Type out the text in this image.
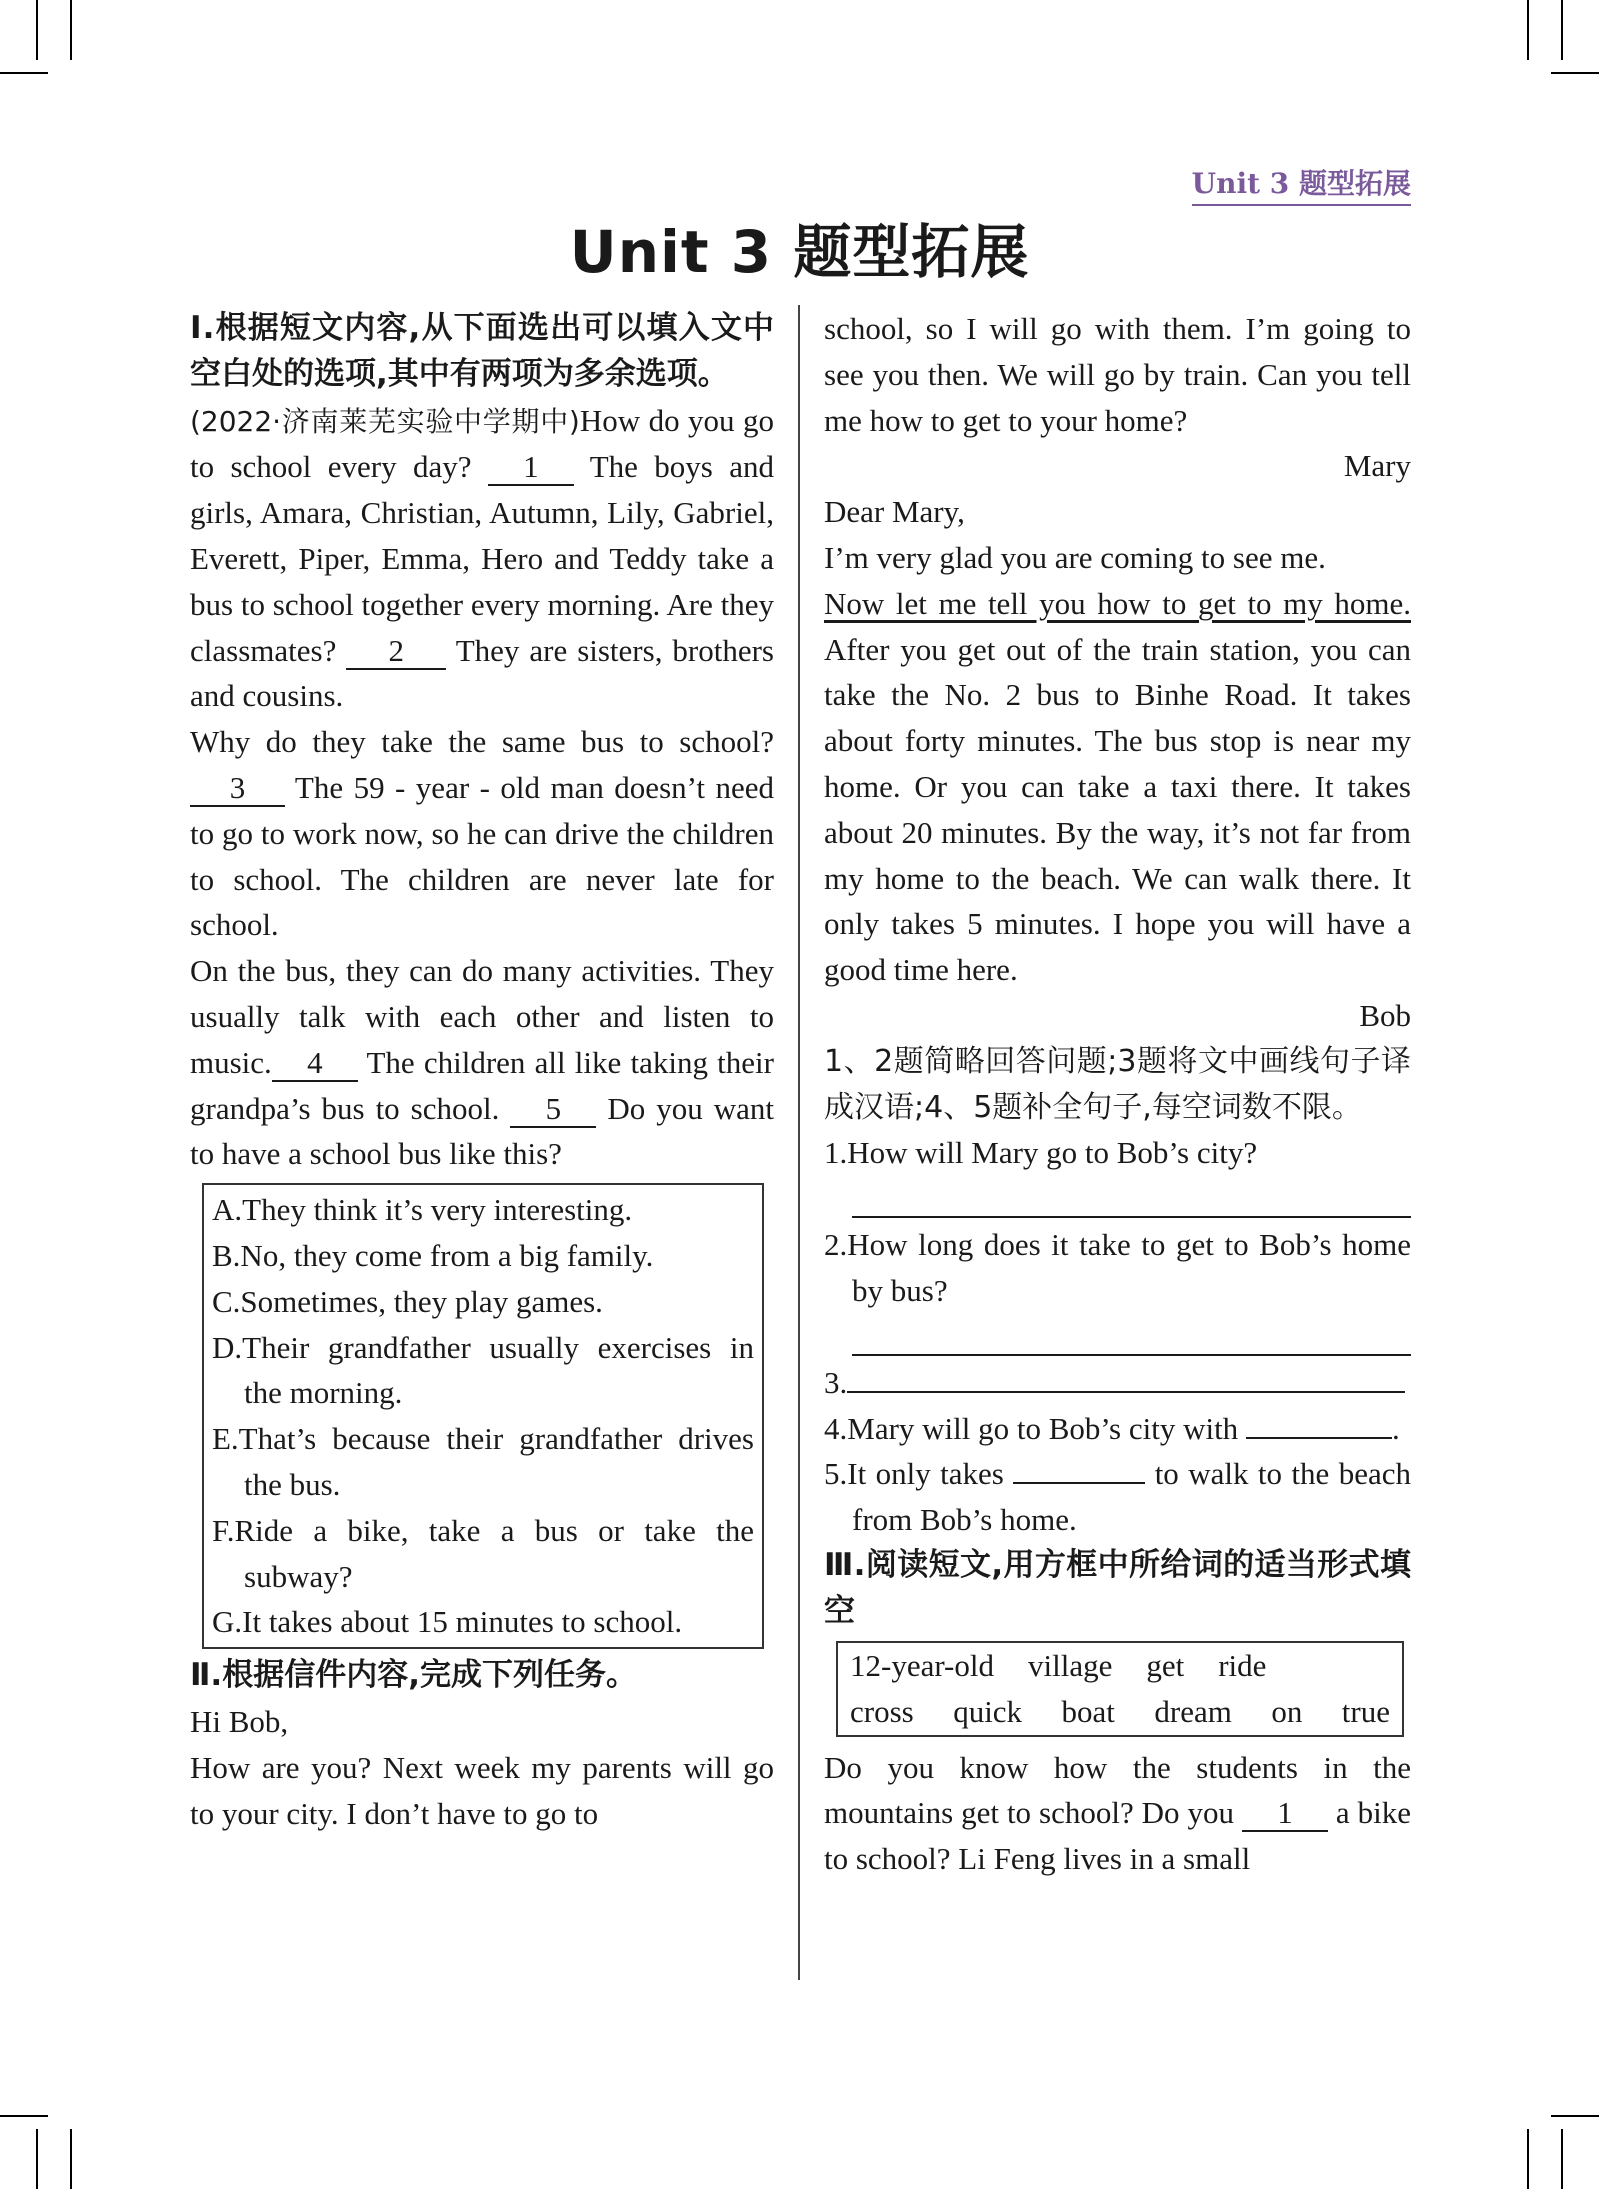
Unit 3 题型拓展
Unit 3 题型拓展
Ⅰ.根据短文内容,从下面选出可以填入文中空白处的选项,其中有两项为多余选项。
(2022·济南莱芜实验中学期中)How do you go to school every day? 1 The boys and girls, Amara, Christian, Autumn, Lily, Gabriel, Everett, Piper, Emma, Hero and Teddy take a bus to school together every morning. Are they classmates? 2 They are sisters, brothers and cousins.
Why do they take the same bus to school? 3 The 59 - year - old man doesn’t need to go to work now, so he can drive the children to school. The children are never late for school.
On the bus, they can do many activities. They usually talk with each other and listen to music. 4 The children all like taking their grandpa’s bus to school. 5 Do you want to have a school bus like this?
A.They think it’s very interesting.
B.No, they come from a big family.
C.Sometimes, they play games.
D.Their grandfather usually exercises in the morning.
E.That’s because their grandfather drives the bus.
F.Ride a bike, take a bus or take the subway?
G.It takes about 15 minutes to school.
Ⅱ.根据信件内容,完成下列任务。
Hi Bob,
How are you? Next week my parents will go to your city. I don’t have to go to
school, so I will go with them. I’m going to see you then. We will go by train. Can you tell me how to get to your home?
Mary
Dear Mary,
I’m very glad you are coming to see me.
Now let me tell you how to get to my home. After you get out of the train station, you can take the No. 2 bus to Binhe Road. It takes about forty minutes. The bus stop is near my home. Or you can take a taxi there. It takes about 20 minutes. By the way, it’s not far from my home to the beach. We can walk there. It only takes 5 minutes. I hope you will have a good time here.
Bob
1、2题简略回答问题;3题将文中画线句子译成汉语;4、5题补全句子,每空词数不限。
1.How will Mary go to Bob’s city?
2.How long does it take to get to Bob’s home by bus?
3.
4.Mary will go to Bob’s city with	.
5.It only takes	to walk to the beach from Bob’s home.
Ⅲ.阅读短文,用方框中所给词的适当形式填空
12-year-old village get ride
cross quick boat dream on true
Do you know how the students in the mountains get to school? Do you 1 a bike to school? Li Feng lives in a small
